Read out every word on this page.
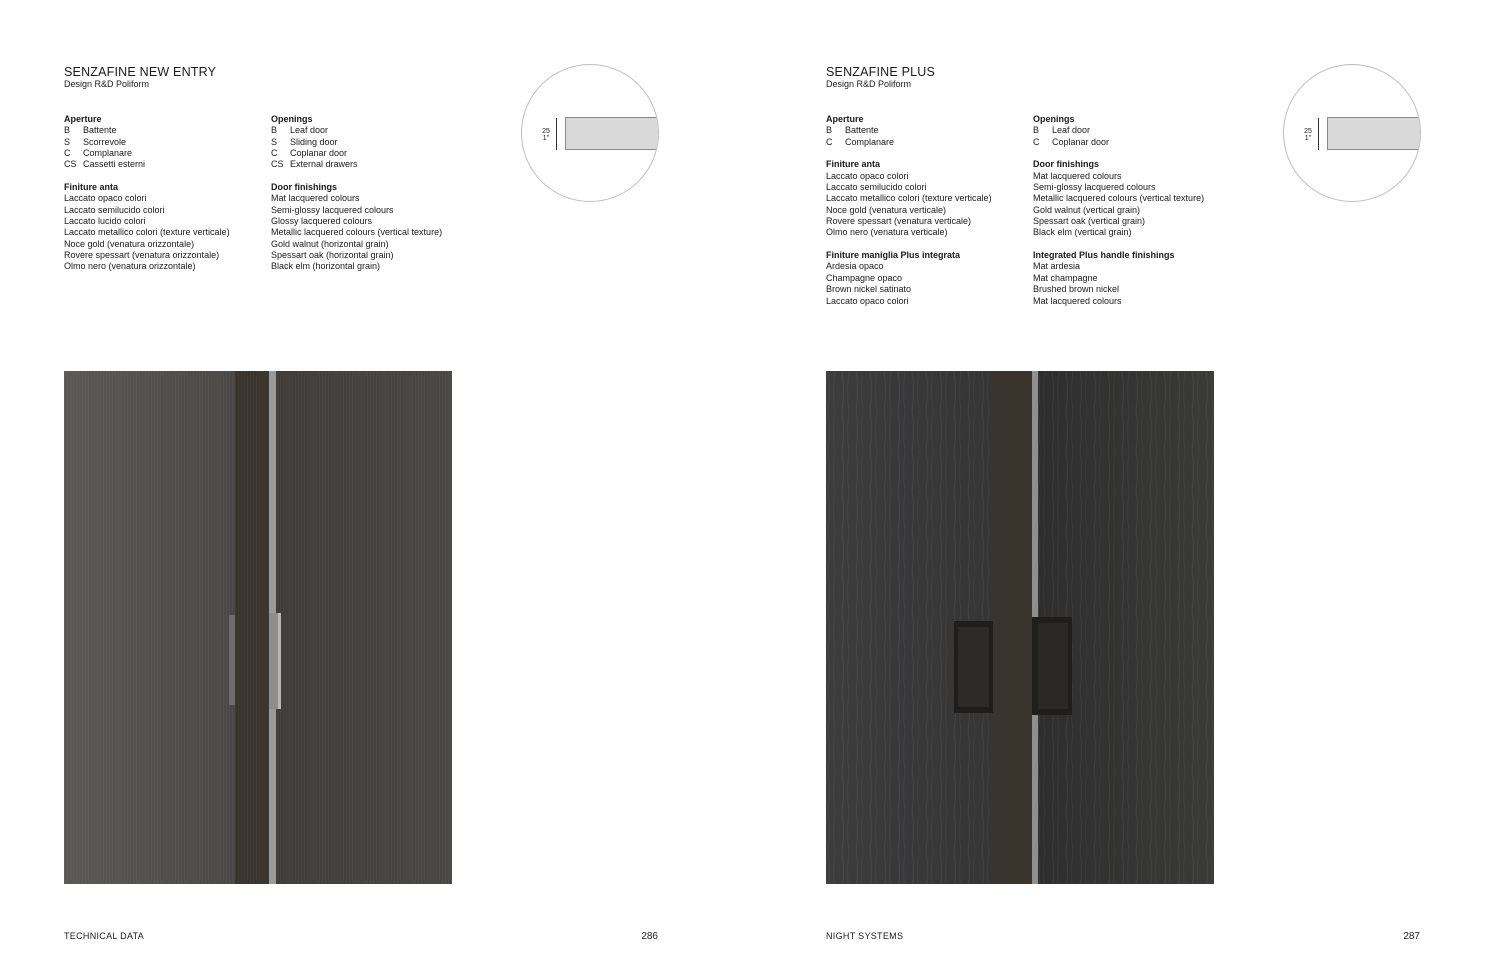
SENZAFINE NEW ENTRY
Design R&D Poliform
Aperture
B Battente
S Scorrevole
C Complanare
CS Cassetti esterni
Finiture anta
Laccato opaco colori
Laccato semilucido colori
Laccato lucido colori
Laccato metallico colori (texture verticale)
Noce gold (venatura orizzontale)
Rovere spessart (venatura orizzontale)
Olmo nero (venatura orizzontale)
Openings
B Leaf door
S Sliding door
C Coplanar door
CS External drawers
Door finishings
Mat lacquered colours
Semi-glossy lacquered colours
Glossy lacquered colours
Metallic lacquered colours (vertical texture)
Gold walnut (horizontal grain)
Spessart oak (horizontal grain)
Black elm (horizontal grain)
25
1"
TECHNICAL DATA	286
SENZAFINE PLUS
Design R&D Poliform
Aperture
B Battente
C Complanare
Finiture anta
Laccato opaco colori
Laccato semilucido colori
Laccato metallico colori (texture verticale)
Noce gold (venatura verticale)
Rovere spessart (venatura verticale)
Olmo nero (venatura verticale)
Finiture maniglia Plus integrata
Ardesia opaco
Champagne opaco
Brown nickel satinato
Laccato opaco colori
Openings
B Leaf door
C Coplanar door
Door finishings
Mat lacquered colours
Semi-glossy lacquered colours
Metallic lacquered colours (vertical texture)
Gold walnut (vertical grain)
Spessart oak (vertical grain)
Black elm (vertical grain)
Integrated Plus handle finishings
Mat ardesia
Mat champagne
Brushed brown nickel
Mat lacquered colours
25
1"
NIGHT SYSTEMS	287
